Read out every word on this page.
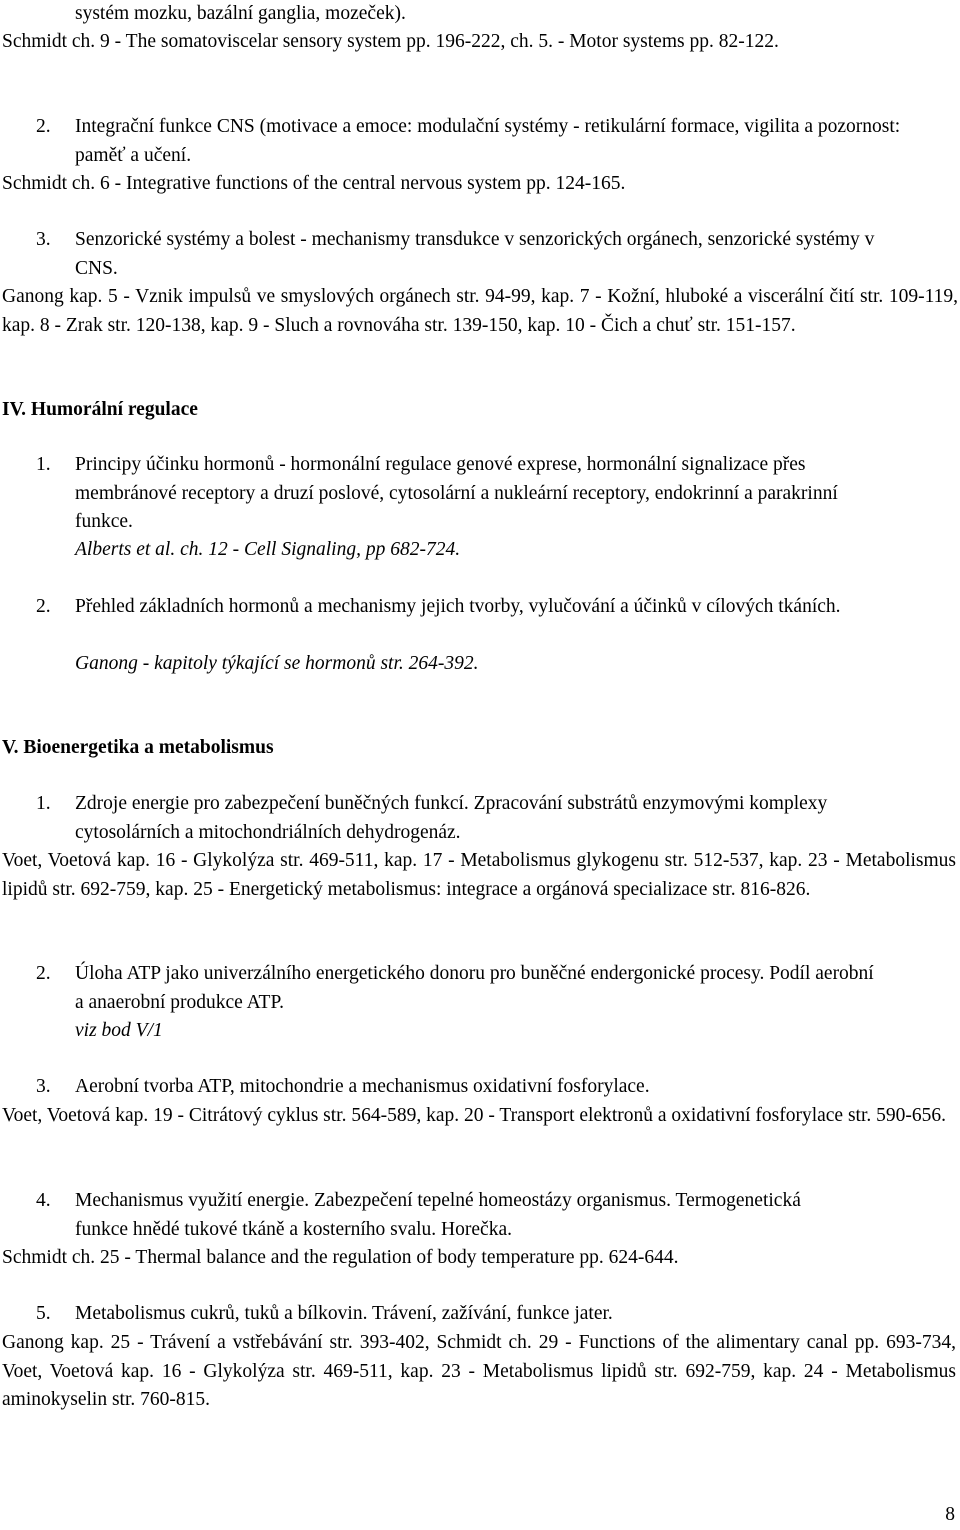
systém mozku, bazální ganglia, mozeček).
Schmidt ch. 9 - The somatoviscelar sensory system pp. 196-222, ch. 5. - Motor systems pp. 82-122.
2.	Integrační funkce CNS (motivace a emoce: modulační systémy - retikulární formace, vigilita a pozornost: paměť a učení.
Schmidt ch. 6 - Integrative functions of the central nervous system pp. 124-165.
3.	Senzorické systémy a bolest - mechanismy transdukce v senzorických orgánech, senzorické systémy v CNS.
Ganong kap. 5 - Vznik impulsů ve smyslových orgánech str. 94-99, kap. 7 - Kožní, hluboké a viscerální čití str. 109-119, kap. 8 - Zrak str. 120-138, kap. 9 - Sluch a rovnováha str. 139-150, kap. 10 - Čich a chuť str. 151-157.
IV. Humorální regulace
1.	Principy účinku hormonů - hormonální regulace genové exprese, hormonální signalizace přes membránové receptory a druzí poslové, cytosolární a nukleární receptory, endokrinní a parakrinní funkce.
Alberts et al. ch. 12 - Cell Signaling, pp 682-724.
2.	Přehled základních hormonů a mechanismy jejich tvorby, vylučování a účinků v cílových tkáních.
Ganong - kapitoly týkající se hormonů str. 264-392.
V. Bioenergetika a metabolismus
1.	Zdroje energie pro zabezpečení buněčných funkcí. Zpracování substrátů enzymovými komplexy cytosolárních a mitochondriálních dehydrogenáz.
Voet, Voetová kap. 16 - Glykolýza str. 469-511, kap. 17 - Metabolismus glykogenu str. 512-537, kap. 23 - Metabolismus lipidů str. 692-759, kap. 25 - Energetický metabolismus: integrace a orgánová specializace str. 816-826.
2.	Úloha ATP jako univerzálního energetického donoru pro buněčné endergonické procesy. Podíl aerobní a anaerobní produkce ATP.
viz bod V/1
3.	Aerobní tvorba ATP, mitochondrie a mechanismus oxidativní fosforylace.
Voet, Voetová kap. 19 - Citrátový cyklus str. 564-589, kap. 20 - Transport elektronů a oxidativní fosforylace str. 590-656.
4.	Mechanismus využití energie. Zabezpečení tepelné homeostázy organismus. Termogenetická funkce hnědé tukové tkáně a kosterního svalu. Horečka.
Schmidt ch. 25 - Thermal balance and the regulation of body temperature pp. 624-644.
5.	Metabolismus cukrů, tuků a bílkovin. Trávení, zažívání, funkce jater.
Ganong kap. 25 - Trávení a vstřebávání str. 393-402, Schmidt ch. 29 - Functions of the alimentary canal pp. 693-734, Voet, Voetová kap. 16 - Glykolýza str. 469-511, kap. 23 - Metabolismus lipidů str. 692-759, kap. 24 - Metabolismus aminokyselin str. 760-815.
8
